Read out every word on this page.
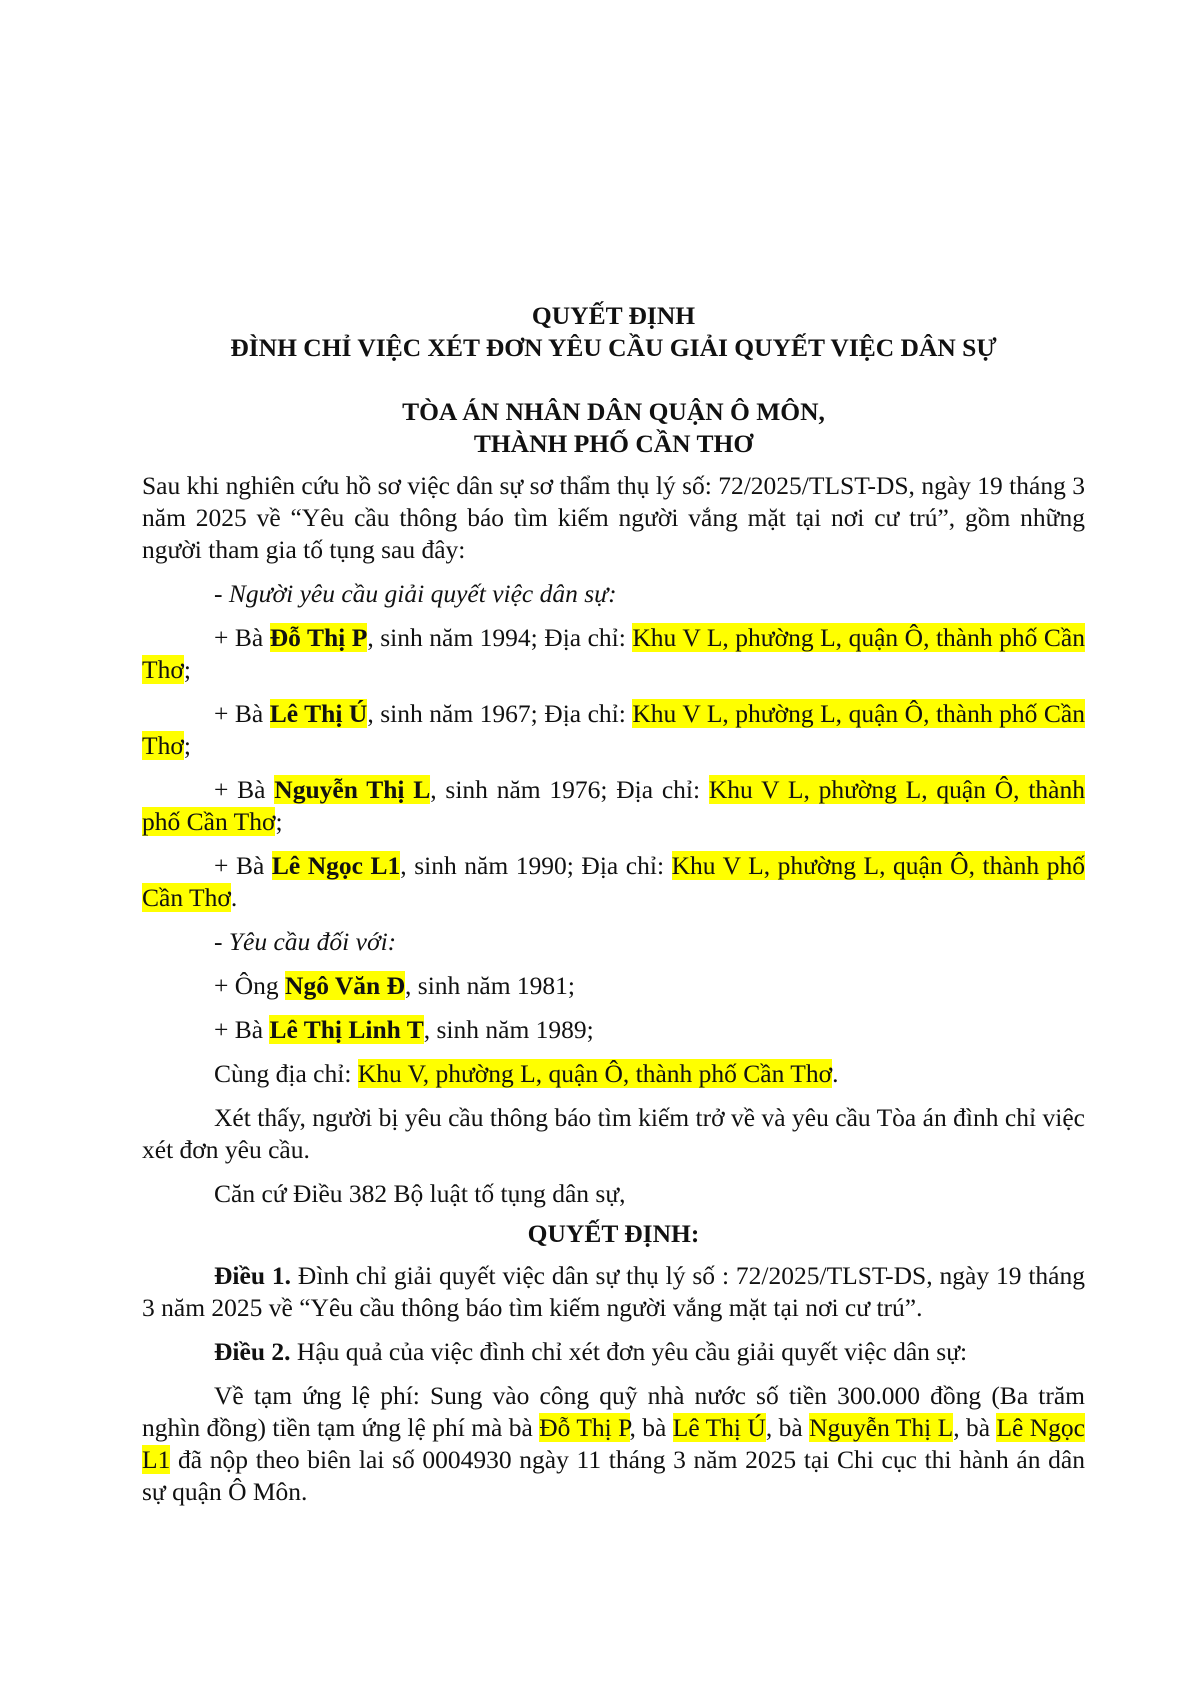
QUYẾT ĐỊNH
ĐÌNH CHỈ VIỆC XÉT ĐƠN YÊU CẦU GIẢI QUYẾT VIỆC DÂN SỰ
TÒA ÁN NHÂN DÂN QUẬN Ô MÔN,
THÀNH PHỐ CẦN THƠ

Sau khi nghiên cứu hồ sơ việc dân sự sơ thẩm thụ lý số: 72/2025/TLST-DS, ngày 19 tháng 3 năm 2025 về “Yêu cầu thông báo tìm kiếm người vắng mặt tại nơi cư trú”, gồm những người tham gia tố tụng sau đây:

- Người yêu cầu giải quyết việc dân sự:

+ Bà Đỗ Thị P, sinh năm 1994; Địa chỉ: Khu V L, phường L, quận Ô, thành phố Cần Thơ;

+ Bà Lê Thị Ú, sinh năm 1967; Địa chỉ: Khu V L, phường L, quận Ô, thành phố Cần Thơ;

+ Bà Nguyễn Thị L, sinh năm 1976; Địa chỉ: Khu V L, phường L, quận Ô, thành phố Cần Thơ;

+ Bà Lê Ngọc L1, sinh năm 1990; Địa chỉ: Khu V L, phường L, quận Ô, thành phố Cần Thơ.

- Yêu cầu đối với:

+ Ông Ngô Văn Đ, sinh năm 1981;

+ Bà Lê Thị Linh T, sinh năm 1989;

Cùng địa chỉ: Khu V, phường L, quận Ô, thành phố Cần Thơ.

Xét thấy, người bị yêu cầu thông báo tìm kiếm trở về và yêu cầu Tòa án đình chỉ việc xét đơn yêu cầu.

Căn cứ Điều 382 Bộ luật tố tụng dân sự,

QUYẾT ĐỊNH:

Điều 1. Đình chỉ giải quyết việc dân sự thụ lý số : 72/2025/TLST-DS, ngày 19 tháng 3 năm 2025 về “Yêu cầu thông báo tìm kiếm người vắng mặt tại nơi cư trú”.

Điều 2. Hậu quả của việc đình chỉ xét đơn yêu cầu giải quyết việc dân sự:

Về tạm ứng lệ phí: Sung vào công quỹ nhà nước số tiền 300.000 đồng (Ba trăm nghìn đồng) tiền tạm ứng lệ phí mà bà Đỗ Thị P, bà Lê Thị Ú, bà Nguyễn Thị L, bà Lê Ngọc L1 đã nộp theo biên lai số 0004930 ngày 11 tháng 3 năm 2025 tại Chi cục thi hành án dân sự quận Ô Môn.
